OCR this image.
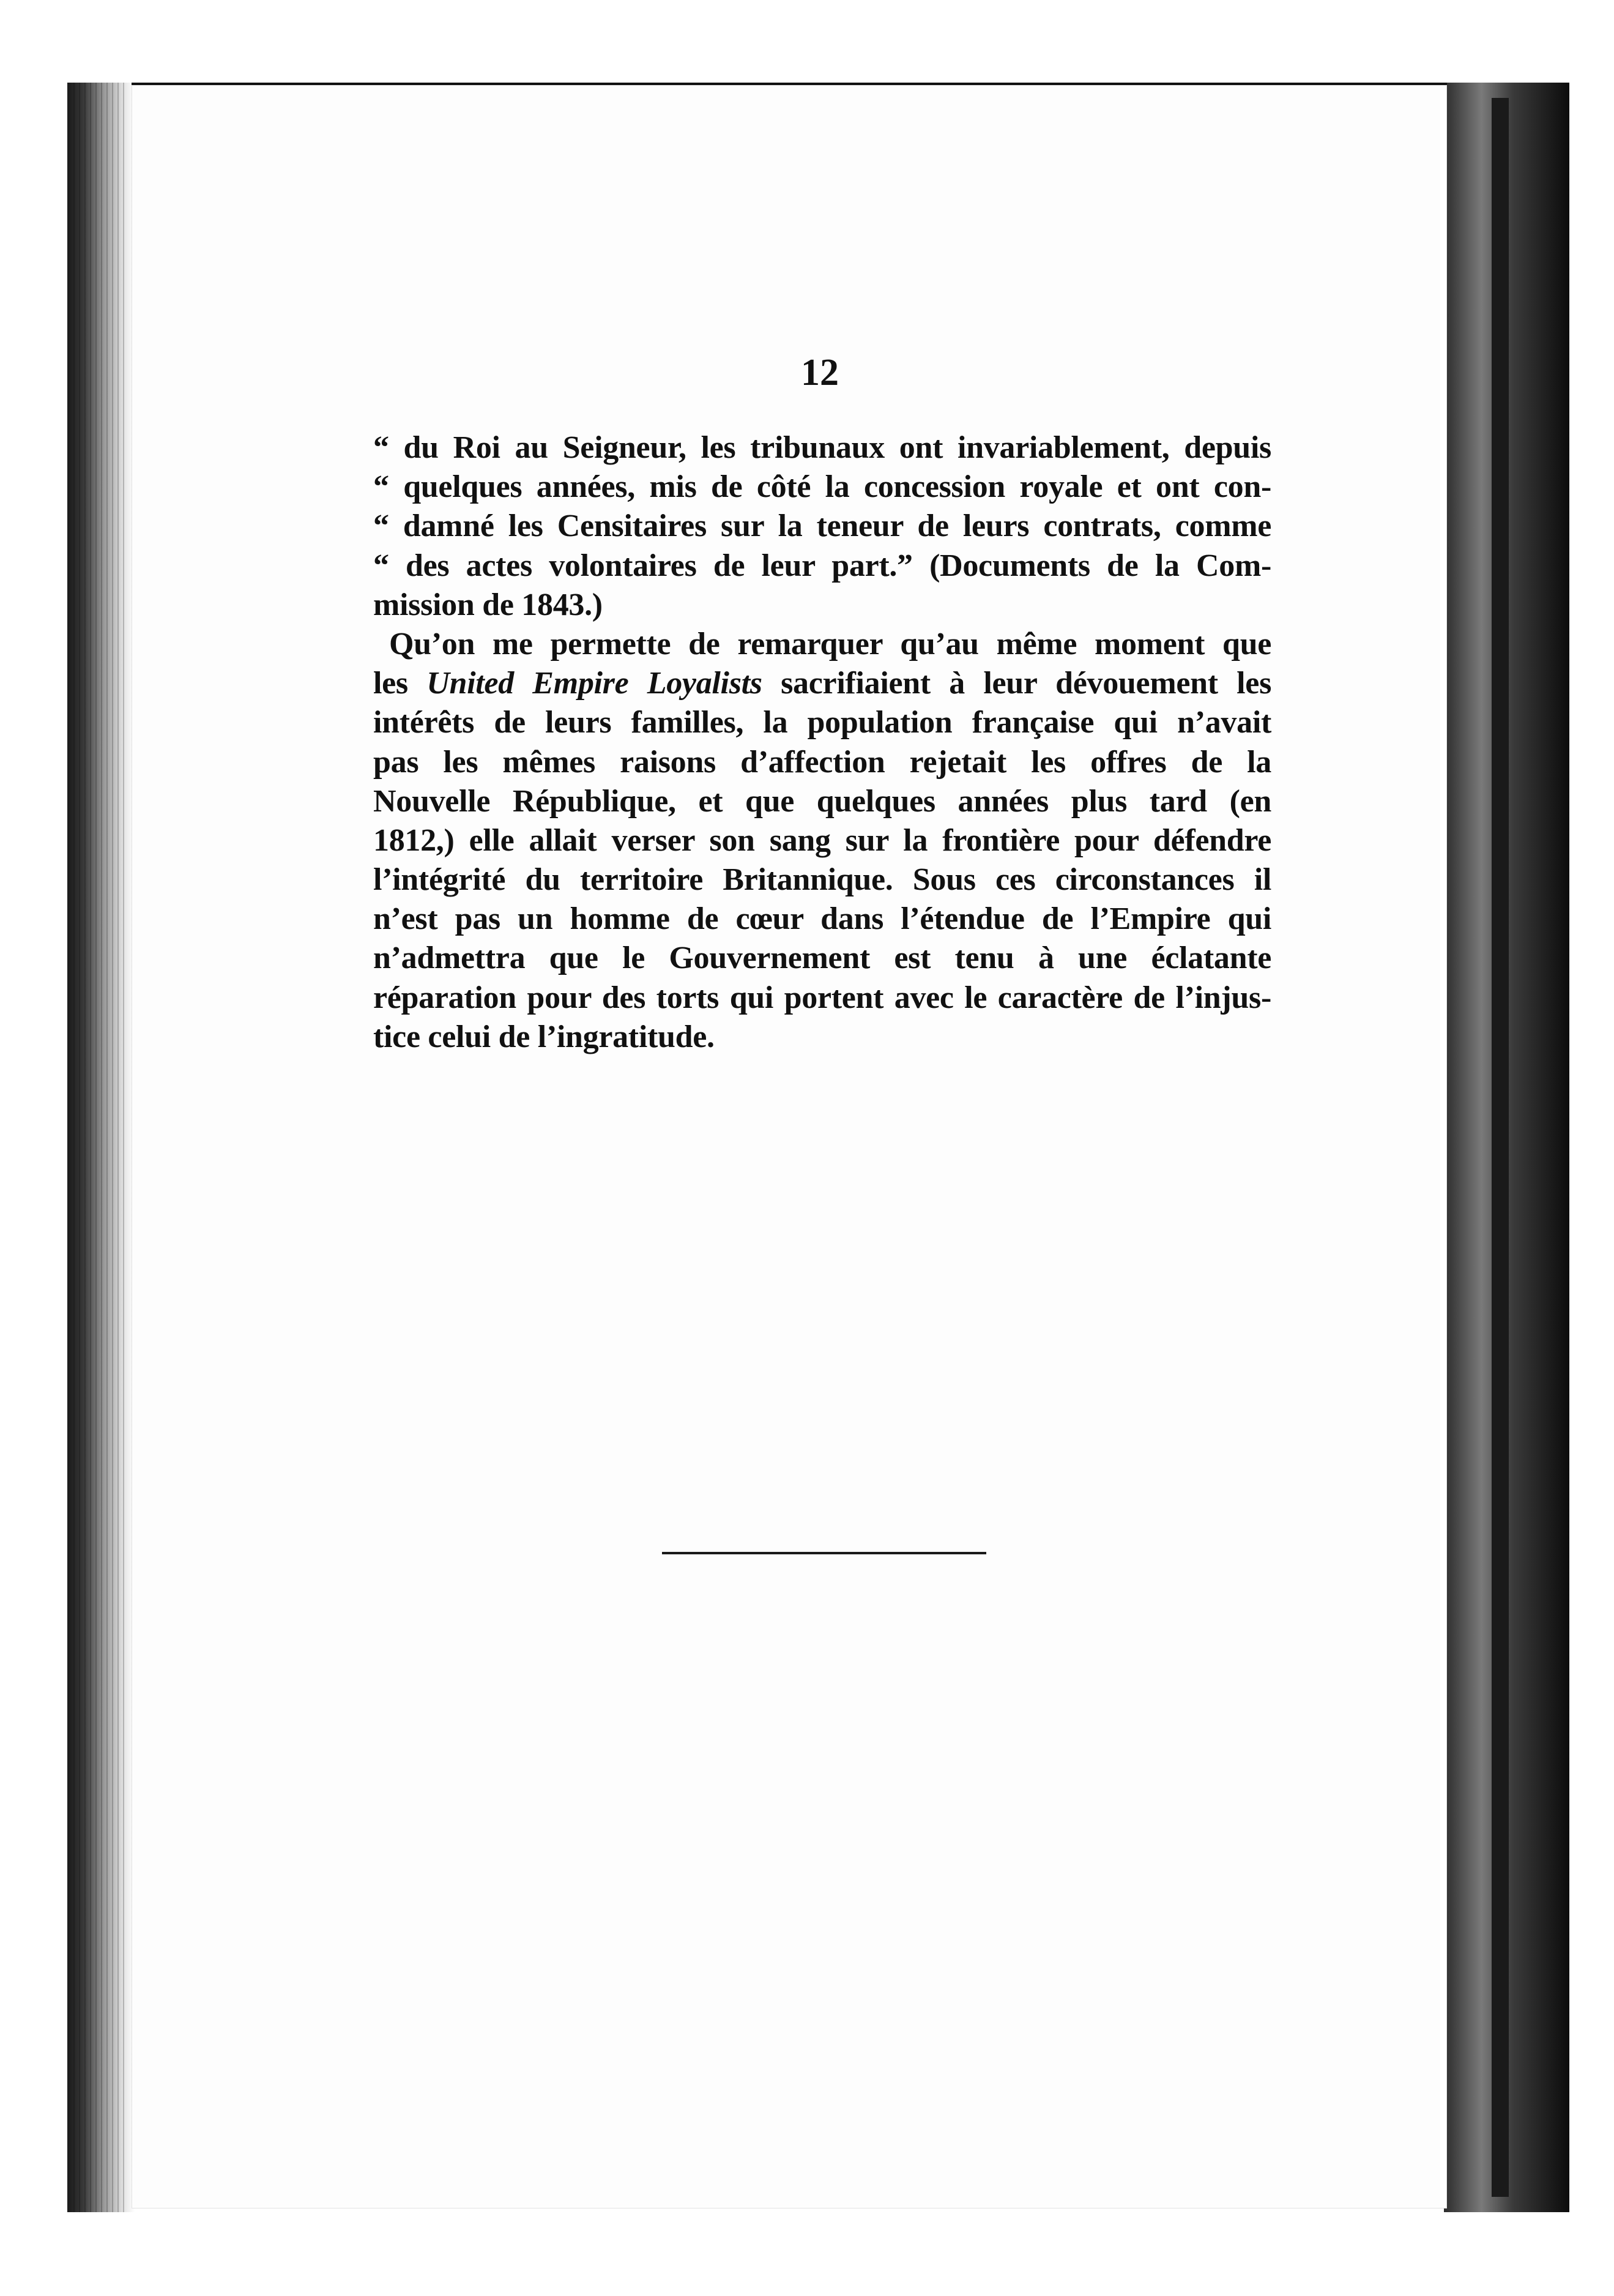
12
“ du Roi au Seigneur, les tribunaux ont invariablement, depuis
“ quelques années, mis de côté la concession royale et ont con-
“ damné les Censitaires sur la teneur de leurs contrats, comme
“ des actes volontaires de leur part.” (Documents de la Com-
mission de 1843.)
Qu’on me permette de remarquer qu’au même moment que
les United Empire Loyalists sacrifiaient à leur dévouement les
intérêts de leurs familles, la population française qui n’avait
pas les mêmes raisons d’affection rejetait les offres de la
Nouvelle République, et que quelques années plus tard (en
1812,) elle allait verser son sang sur la frontière pour défendre
l’intégrité du territoire Britannique. Sous ces circonstances il
n’est pas un homme de cœur dans l’étendue de l’Empire qui
n’admettra que le Gouvernement est tenu à une éclatante
réparation pour des torts qui portent avec le caractère de l’injus-
tice celui de l’ingratitude.
